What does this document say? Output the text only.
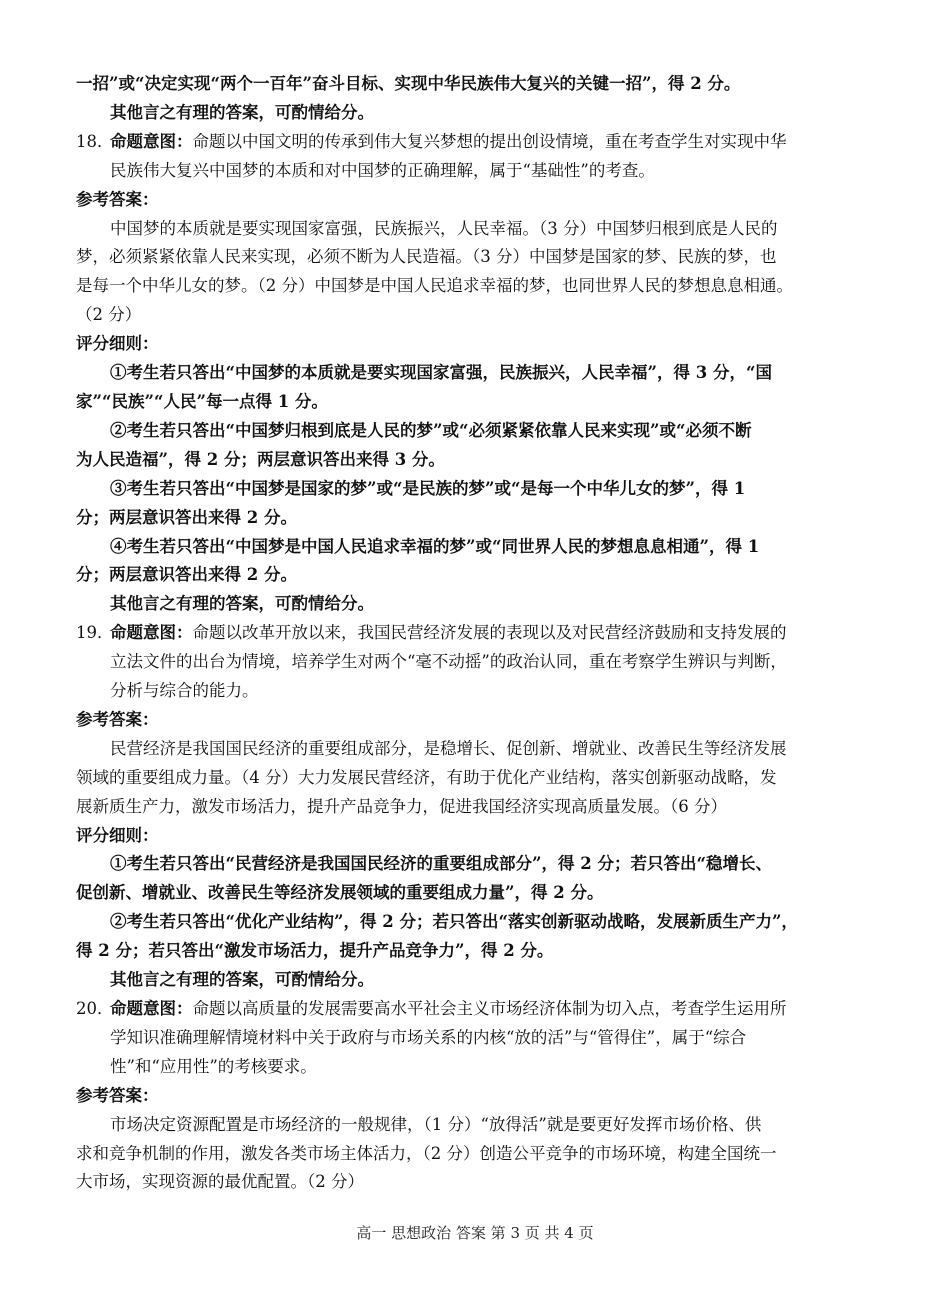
一招”或“决定实现“两个一百年”奋斗目标、实现中华民族伟大复兴的关键一招”，得 2 分。
其他言之有理的答案，可酌情给分。
18．命题意图：命题以中国文明的传承到伟大复兴梦想的提出创设情境，重在考查学生对实现中华
民族伟大复兴中国梦的本质和对中国梦的正确理解，属于“基础性”的考查。
参考答案：
中国梦的本质就是要实现国家富强，民族振兴，人民幸福。（3 分）中国梦归根到底是人民的
梦，必须紧紧依靠人民来实现，必须不断为人民造福。（3 分）中国梦是国家的梦、民族的梦，也
是每一个中华儿女的梦。（2 分）中国梦是中国人民追求幸福的梦，也同世界人民的梦想息息相通。
（2 分）
评分细则：
①考生若只答出“中国梦的本质就是要实现国家富强，民族振兴，人民幸福”，得 3 分，“国
家”“民族”“人民”每一点得 1 分。
②考生若只答出“中国梦归根到底是人民的梦”或“必须紧紧依靠人民来实现”或“必须不断
为人民造福”，得 2 分；两层意识答出来得 3 分。
③考生若只答出“中国梦是国家的梦”或“是民族的梦”或“是每一个中华儿女的梦”，得 1
分；两层意识答出来得 2 分。
④考生若只答出“中国梦是中国人民追求幸福的梦”或“同世界人民的梦想息息相通”，得 1
分；两层意识答出来得 2 分。
其他言之有理的答案，可酌情给分。
19．命题意图：命题以改革开放以来，我国民营经济发展的表现以及对民营经济鼓励和支持发展的
立法文件的出台为情境，培养学生对两个“毫不动摇”的政治认同，重在考察学生辨识与判断，
分析与综合的能力。
参考答案：
民营经济是我国国民经济的重要组成部分，是稳增长、促创新、增就业、改善民生等经济发展
领域的重要组成力量。（4 分）大力发展民营经济，有助于优化产业结构，落实创新驱动战略，发
展新质生产力，激发市场活力，提升产品竞争力，促进我国经济实现高质量发展。（6 分）
评分细则：
①考生若只答出“民营经济是我国国民经济的重要组成部分”，得 2 分；若只答出“稳增长、
促创新、增就业、改善民生等经济发展领域的重要组成力量”，得 2 分。
②考生若只答出“优化产业结构”，得 2 分；若只答出“落实创新驱动战略，发展新质生产力”，
得 2 分；若只答出“激发市场活力，提升产品竞争力”，得 2 分。
其他言之有理的答案，可酌情给分。
20．命题意图：命题以高质量的发展需要高水平社会主义市场经济体制为切入点，考查学生运用所
学知识准确理解情境材料中关于政府与市场关系的内核“放的活”与“管得住”，属于“综合
性”和“应用性”的考核要求。
参考答案：
市场决定资源配置是市场经济的一般规律，（1 分）“放得活”就是要更好发挥市场价格、供
求和竞争机制的作用，激发各类市场主体活力，（2 分）创造公平竞争的市场环境，构建全国统一
大市场，实现资源的最优配置。（2 分）
高一 思想政治 答案 第 3 页 共 4 页
